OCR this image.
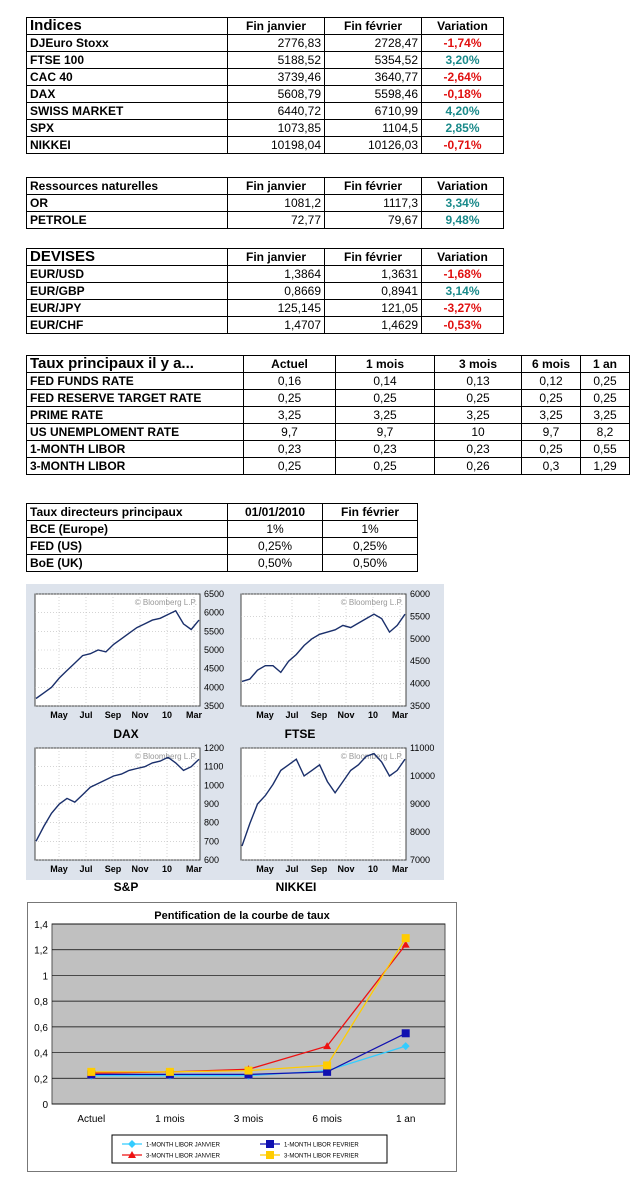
Indices	Fin janvier	Fin février	Variation
DJEuro Stoxx	2776,83	2728,47	-1,74%
FTSE 100	5188,52	5354,52	3,20%
CAC 40	3739,46	3640,77	-2,64%
DAX	5608,79	5598,46	-0,18%
SWISS MARKET	6440,72	6710,99	4,20%
SPX	1073,85	1104,5	2,85%
NIKKEI	10198,04	10126,03	-0,71%
Ressources naturelles	Fin janvier	Fin février	Variation
OR	1081,2	1117,3	3,34%
PETROLE	72,77	79,67	9,48%
DEVISES	Fin janvier	Fin février	Variation
EUR/USD	1,3864	1,3631	-1,68%
EUR/GBP	0,8669	0,8941	3,14%
EUR/JPY	125,145	121,05	-3,27%
EUR/CHF	1,4707	1,4629	-0,53%
Taux principaux il y a...	Actuel	1 mois	3 mois	6 mois	1 an
FED FUNDS RATE	0,16	0,14	0,13	0,12	0,25
FED RESERVE TARGET RATE	0,25	0,25	0,25	0,25	0,25
PRIME RATE	3,25	3,25	3,25	3,25	3,25
US UNEMPLOMENT RATE	9,7	9,7	10	9,7	8,2
1-MONTH LIBOR	0,23	0,23	0,23	0,25	0,55
3-MONTH LIBOR	0,25	0,25	0,26	0,3	1,29
Taux directeurs principaux	01/01/2010	Fin février
BCE (Europe)	1%	1%
FED (US)	0,25%	0,25%
BoE (UK)	0,50%	0,50%
3500
4000
4500
5000
5500
6000
6500
May Jul Sep Nov 10 Mar
© Bloomberg L.P.
3500
4000
4500
5000
5500
6000
May Jul Sep Nov 10 Mar
© Bloomberg L.P.
600
700
800
900
1000
1100
1200
May Jul Sep Nov 10 Mar
© Bloomberg L.P.
7000
8000
9000
10000
11000
May Jul Sep Nov 10 Mar
© Bloomberg L.P.
DAX	FTSE
S&P	NIKKEI
Pentification de la courbe de taux
0
0,2
0,4
0,6
0,8
1
1,2
1,4
Actuel	1 mois	3 mois	6 mois	1 an
1-MONTH LIBOR JANVIER	1-MONTH LIBOR FEVRIER
3-MONTH LIBOR JANVIER	3-MONTH LIBOR FEVRIER
